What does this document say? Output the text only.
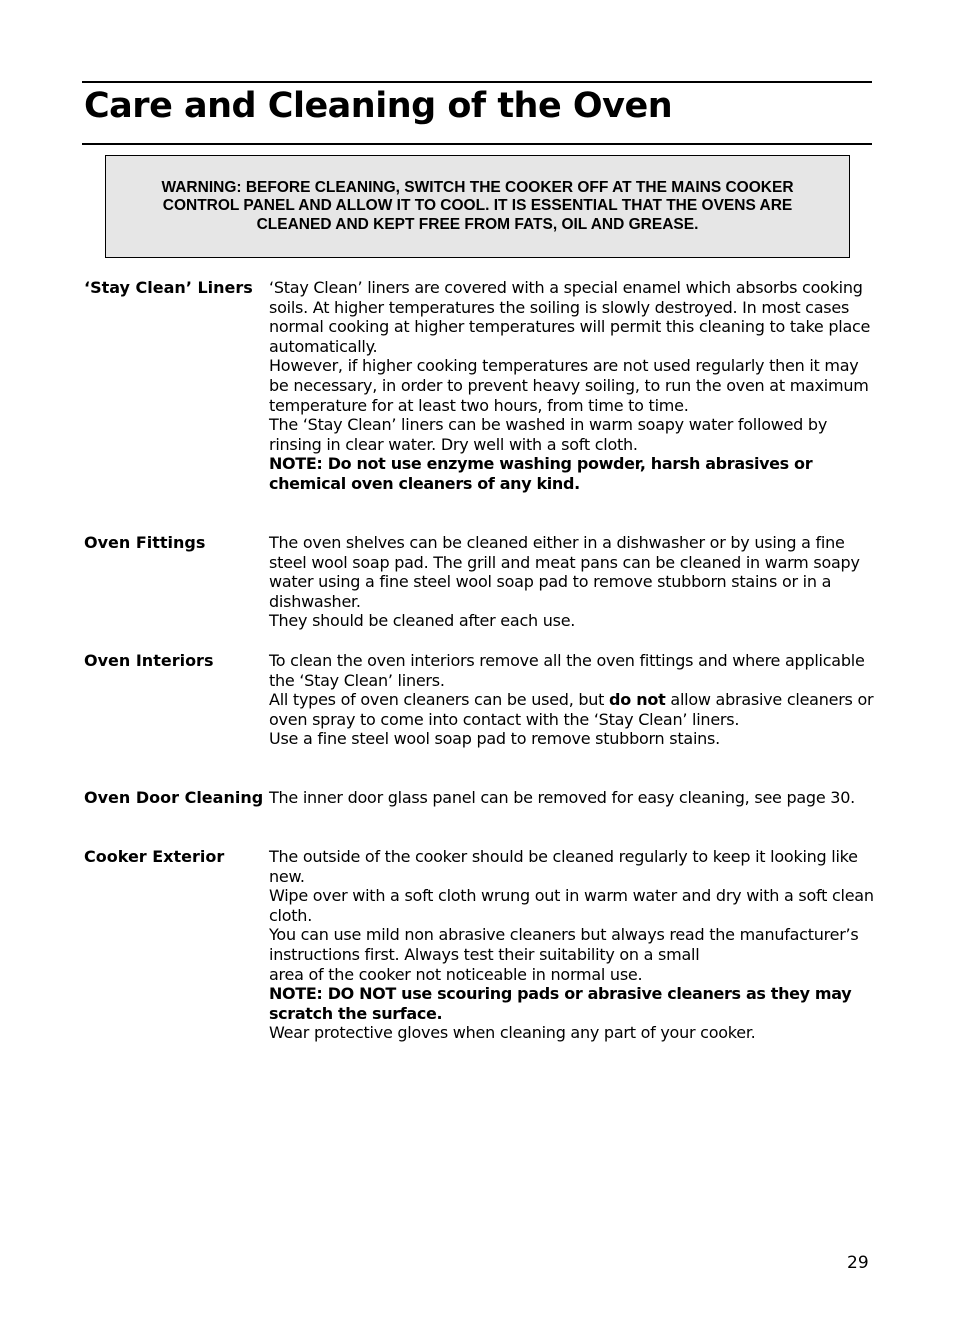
Care and Cleaning of the Oven

WARNING: BEFORE CLEANING, SWITCH THE COOKER OFF AT THE MAINS COOKER CONTROL PANEL AND ALLOW IT TO COOL. IT IS ESSENTIAL THAT THE OVENS ARE CLEANED AND KEPT FREE FROM FATS, OIL AND GREASE.

‘Stay Clean’ Liners	‘Stay Clean’ liners are covered with a special enamel which absorbs cooking soils. At higher temperatures the soiling is slowly destroyed. In most cases normal cooking at higher temperatures will permit this cleaning to take place automatically.

However, if higher cooking temperatures are not used regularly then it may be necessary, in order to prevent heavy soiling, to run the oven at maximum temperature for at least two hours, from time to time.

The ‘Stay Clean’ liners can be washed in warm soapy water followed by rinsing in clear water. Dry well with a soft cloth.

NOTE: Do not use enzyme washing powder, harsh abrasives or chemical oven cleaners of any kind.

Oven Fittings	The oven shelves can be cleaned either in a dishwasher or by using a fine steel wool soap pad. The grill and meat pans can be cleaned in warm soapy water using a fine steel wool soap pad to remove stubborn stains or in a dishwasher.

They should be cleaned after each use.

Oven Interiors	To clean the oven interiors remove all the oven fittings and where applicable the ‘Stay Clean’ liners.

All types of oven cleaners can be used, but do not allow abrasive cleaners or oven spray to come into contact with the ‘Stay Clean’ liners.

Use a fine steel wool soap pad to remove stubborn stains.

Oven Door Cleaning The inner door glass panel can be removed for easy cleaning, see page 30.

Cooker Exterior	The outside of the cooker should be cleaned regularly to keep it looking like new.

Wipe over with a soft cloth wrung out in warm water and dry with a soft clean cloth.

You can use mild non abrasive cleaners but always read the manufacturer’s instructions first. Always test their suitability on a small

area of the cooker not noticeable in normal use.

NOTE: DO NOT use scouring pads or abrasive cleaners as they may scratch the surface.

Wear protective gloves when cleaning any part of your cooker.

29
